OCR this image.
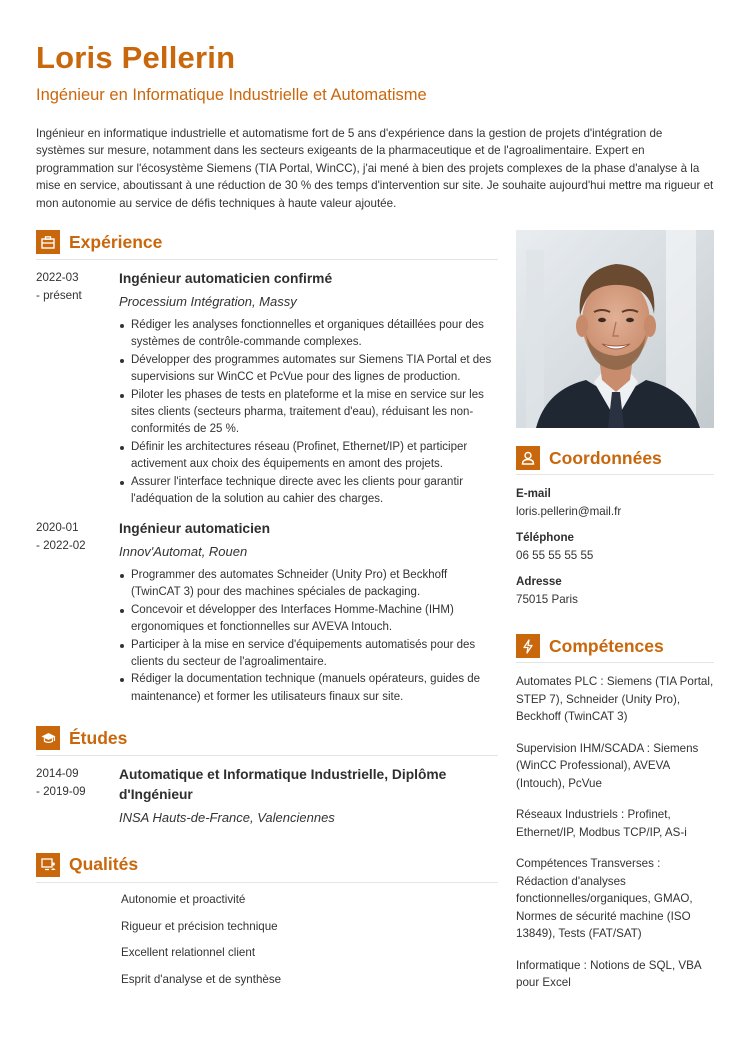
Loris Pellerin
Ingénieur en Informatique Industrielle et Automatisme
Ingénieur en informatique industrielle et automatisme fort de 5 ans d'expérience dans la gestion de projets d'intégration de systèmes sur mesure, notamment dans les secteurs exigeants de la pharmaceutique et de l'agroalimentaire. Expert en programmation sur l'écosystème Siemens (TIA Portal, WinCC), j'ai mené à bien des projets complexes de la phase d'analyse à la mise en service, aboutissant à une réduction de 30 % des temps d'intervention sur site. Je souhaite aujourd'hui mettre ma rigueur et mon autonomie au service de défis techniques à haute valeur ajoutée.
Expérience
2022-03
- présent
Ingénieur automaticien confirmé
Processium Intégration, Massy
Rédiger les analyses fonctionnelles et organiques détaillées pour des systèmes de contrôle-commande complexes.
Développer des programmes automates sur Siemens TIA Portal et des supervisions sur WinCC et PcVue pour des lignes de production.
Piloter les phases de tests en plateforme et la mise en service sur les sites clients (secteurs pharma, traitement d'eau), réduisant les non-conformités de 25 %.
Définir les architectures réseau (Profinet, Ethernet/IP) et participer activement aux choix des équipements en amont des projets.
Assurer l'interface technique directe avec les clients pour garantir l'adéquation de la solution au cahier des charges.
2020-01
- 2022-02
Ingénieur automaticien
Innov'Automat, Rouen
Programmer des automates Schneider (Unity Pro) et Beckhoff (TwinCAT 3) pour des machines spéciales de packaging.
Concevoir et développer des Interfaces Homme-Machine (IHM) ergonomiques et fonctionnelles sur AVEVA Intouch.
Participer à la mise en service d'équipements automatisés pour des clients du secteur de l'agroalimentaire.
Rédiger la documentation technique (manuels opérateurs, guides de maintenance) et former les utilisateurs finaux sur site.
Études
2014-09
- 2019-09
Automatique et Informatique Industrielle, Diplôme d'Ingénieur
INSA Hauts-de-France, Valenciennes
Qualités
Autonomie et proactivité
Rigueur et précision technique
Excellent relationnel client
Esprit d'analyse et de synthèse
Coordonnées
E-mail
loris.pellerin@mail.fr
Téléphone
06 55 55 55 55
Adresse
75015 Paris
Compétences
Automates PLC : Siemens (TIA Portal, STEP 7), Schneider (Unity Pro), Beckhoff (TwinCAT 3)
Supervision IHM/SCADA : Siemens (WinCC Professional), AVEVA (Intouch), PcVue
Réseaux Industriels : Profinet, Ethernet/IP, Modbus TCP/IP, AS-i
Compétences Transverses : Rédaction d'analyses fonctionnelles/organiques, GMAO, Normes de sécurité machine (ISO 13849), Tests (FAT/SAT)
Informatique : Notions de SQL, VBA pour Excel
